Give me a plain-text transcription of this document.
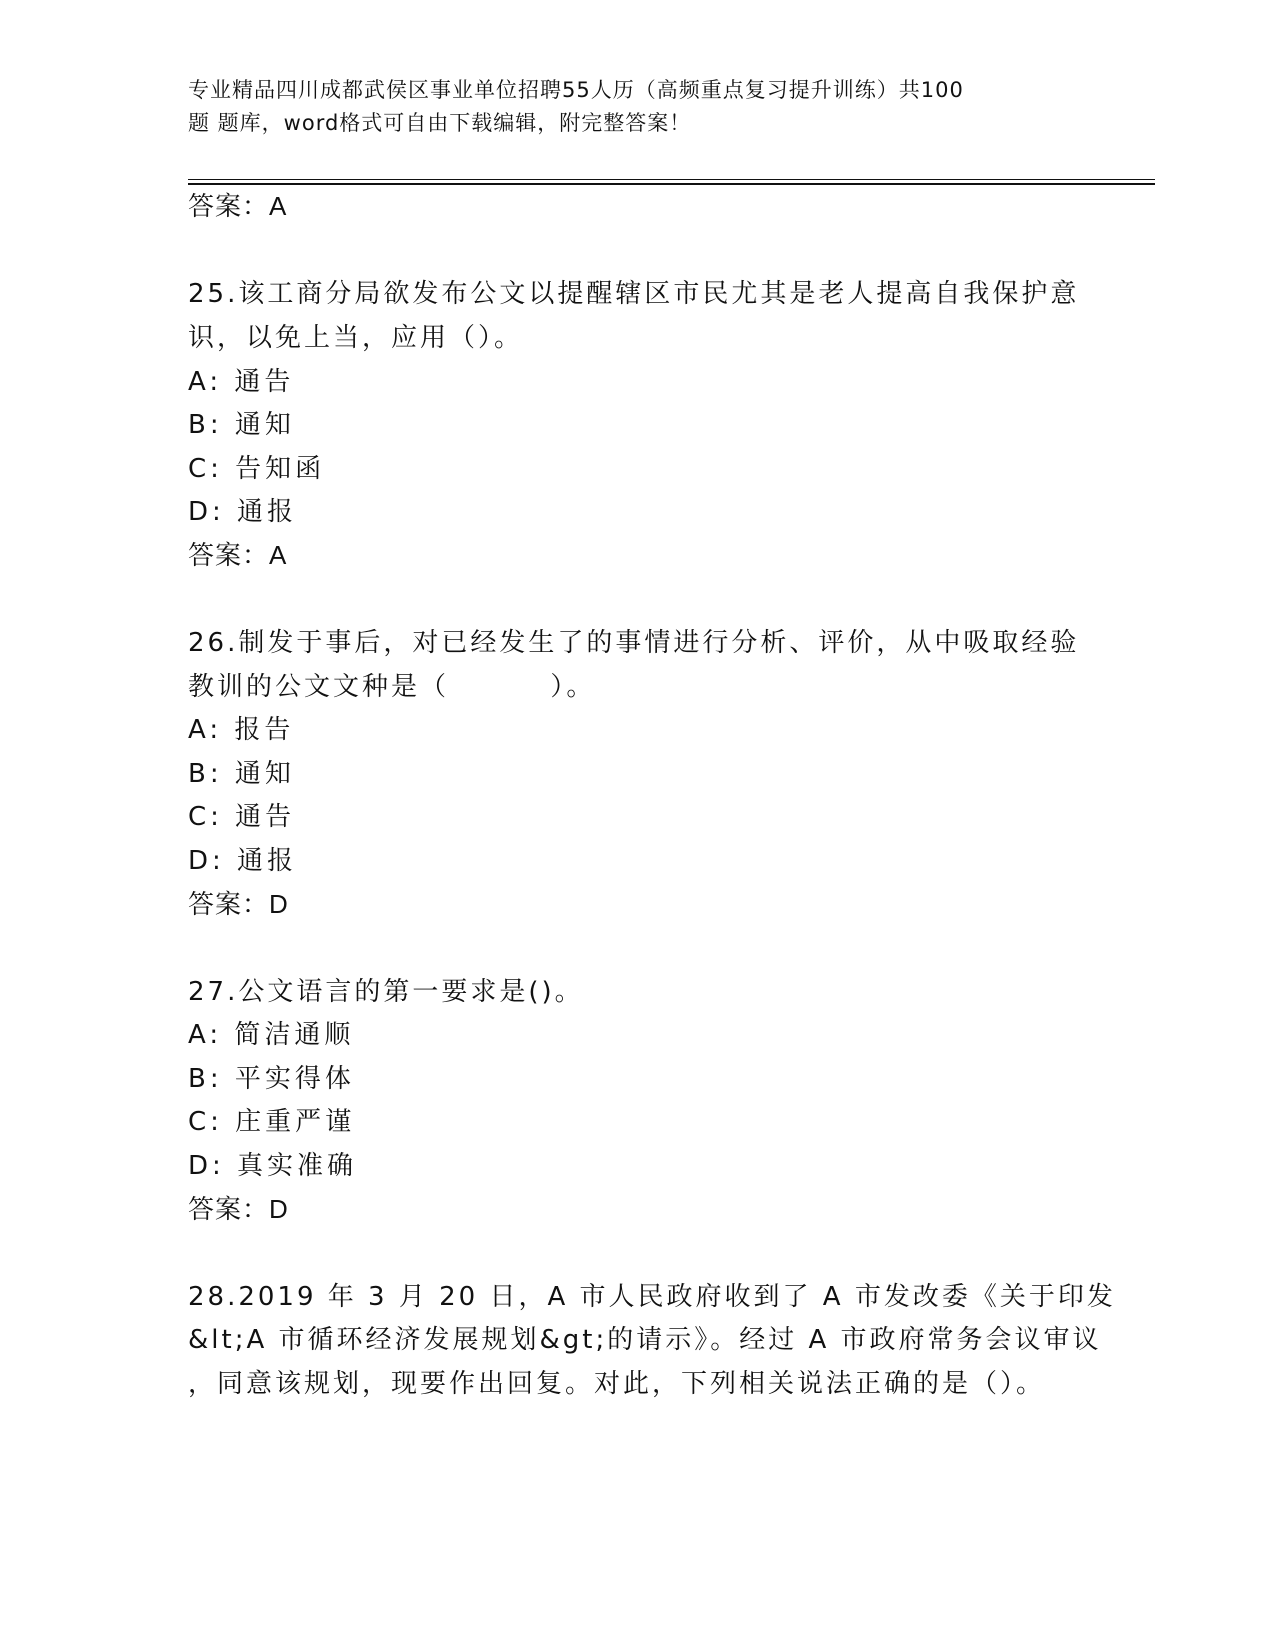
专业精品四川成都武侯区事业单位招聘55人历（高频重点复习提升训练）共100
题 题库，word格式可自由下载编辑，附完整答案！
答案：A
25.该工商分局欲发布公文以提醒辖区市民尤其是老人提高自我保护意
识，以免上当，应用（）。
A: 通告
B: 通知
C: 告知函
D: 通报
答案：A
26.制发于事后，对已经发生了的事情进行分析、评价，从中吸取经验
教训的公文文种是（         ）。
A: 报告
B: 通知
C: 通告
D: 通报
答案：D
27.公文语言的第一要求是()。
A: 简洁通顺
B: 平实得体
C: 庄重严谨
D: 真实准确
答案：D
28.2019 年 3 月 20 日，A 市人民政府收到了 A 市发改委《关于印发
&lt;A 市循环经济发展规划&gt;的请示》。经过 A 市政府常务会议审议
，同意该规划，现要作出回复。对此，下列相关说法正确的是（）。
